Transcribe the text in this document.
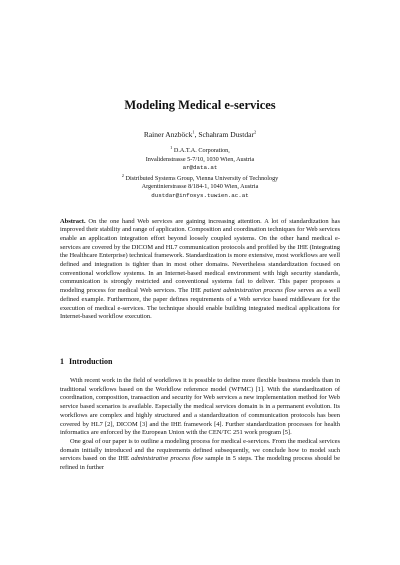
Modeling Medical e-services
Rainer Anzböck$^1$, Schahram Dustdar$^2$
$^1$ D.A.T.A. Corporation,
Invalidenstrasse 5-7/10, 1030 Wien, Austria
ar@data.at
$^2$ Distributed Systems Group, Vienna University of Technology
Argentinierstrasse 8/184-1, 1040 Wien, Austria
dustdar@infosys.tuwien.ac.at

Abstract. On the one hand Web services are gaining increasing attention. A lot of standardization has improved their stability and range of application. Composition and coordination techniques for Web services enable an application integration effort beyond loosely coupled systems. On the other hand medical e-services are covered by the DICOM and HL7 communication protocols and profiled by the IHE (Integrating the Healthcare Enterprise) technical framework. Standardization is more extensive, most workflows are well defined and integration is tighter than in most other domains. Nevertheless standardization focused on conventional workflow systems. In an Internet-based medical environment with high security standards, communication is strongly restricted and conventional systems fail to deliver. This paper proposes a modeling process for medical Web services. The IHE patient administration process flow serves as a well defined example. Furthermore, the paper defines requirements of a Web service based middleware for the execution of medical e-services. The technique should enable building integrated medical applications for Internet-based workflow execution.

1 Introduction

With recent work in the field of workflows it is possible to define more flexible business models than in traditional workflows based on the Workflow reference model (WFMC) [1]. With the standardization of coordination, composition, transaction and security for Web services a new implementation method for Web service based scenarios is available. Especially the medical services domain is in a permanent evolution. Its workflows are complex and highly structured and a standardization of communication protocols has been covered by HL7 [2], DICOM [3] and the IHE framework [4]. Further standardization processes for health informatics are enforced by the European Union with the CEN/TC 251 work program [5].

One goal of our paper is to outline a modeling process for medical e-services. From the medical services domain initially introduced and the requirements defined subsequently, we conclude how to model such services based on the IHE administrative process flow sample in 5 steps. The modeling process should be refined in further
